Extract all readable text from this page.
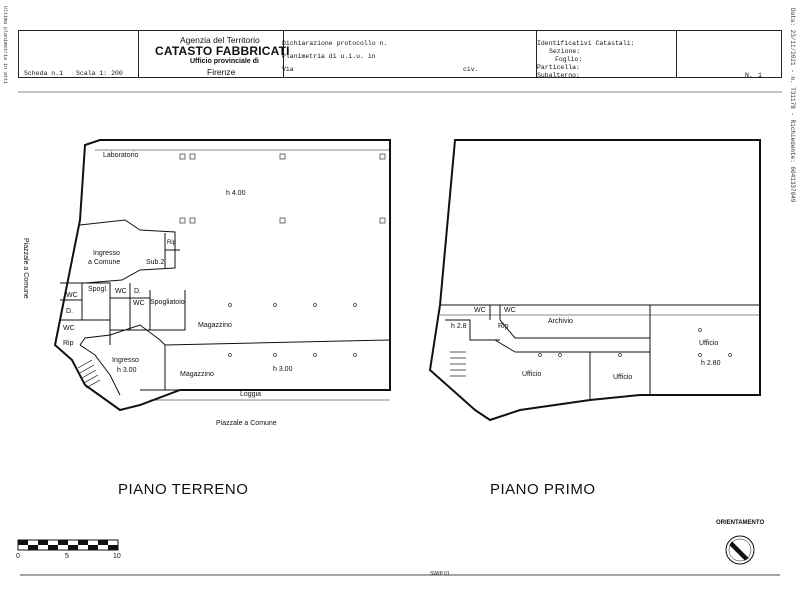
Data: 23/11/2021 - n. T31178 - Richiedente: 6041337049
Ultima planimetria in atti	Agenzia del Territorio
CATASTO FABBRICATI
Ufficio provinciale di
Firenze
Dichiarazione protocollo n.
Planimetria di u.i.u. in
Via	civ.
Identificativi Catastali:
Sezione:
Foglio:
Particella:
Subalterno:	N. 1
Scheda n.1 Scala 1: 200
Laboratorio
h 4.00
Ingresso
a Comune
Rip
Sub.2
WC
Spogl. WC D.
WC Spogliatoio
D.
Magazzino
WC
Rip
Ingresso
h 3.00
Magazzino
h 3.00
Loggia
Piazzale a Comune
Piazzale a Comune
PIANO TERRENO
WC	WC
h 2.8	Rip
Archivio
Ufficio
h 2.80
Ufficio	Ufficio
PIANO PRIMO
0	5	10
ORIENTAMENTO
SW/P 01
